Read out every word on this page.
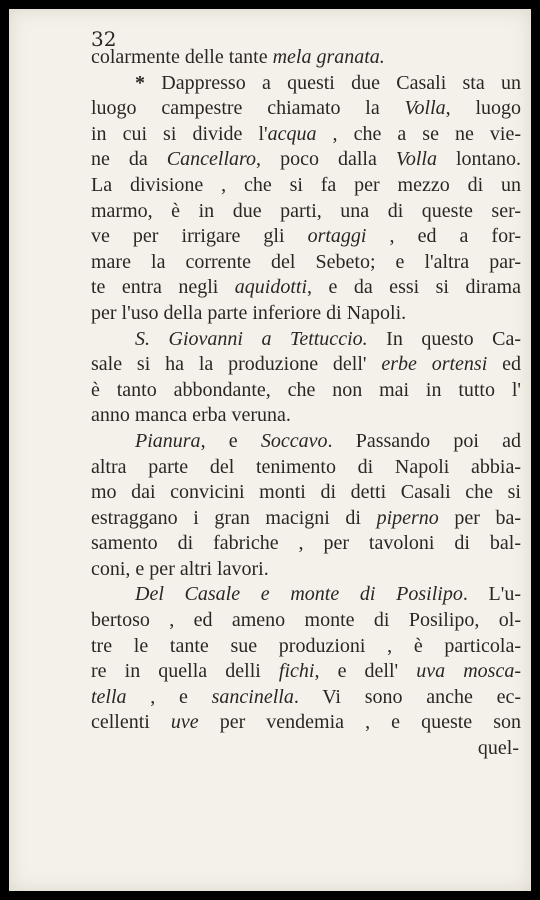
32
colarmente delle tante mela granata.
* Dappresso a questi due Casali sta un
luogo campestre chiamato la Volla, luogo
in cui si divide l'acqua , che a se ne vie-
ne da Cancellaro, poco dalla Volla lontano.
La divisione , che si fa per mezzo di un
marmo, è in due parti, una di queste ser-
ve per irrigare gli ortaggi , ed a for-
mare la corrente del Sebeto; e l'altra par-
te entra negli aquidotti, e da essi si dirama
per l'uso della parte inferiore di Napoli.
S. Giovanni a Tettuccio. In questo Ca-
sale si ha la produzione dell' erbe ortensi ed
è tanto abbondante, che non mai in tutto l'
anno manca erba veruna.
Pianura, e Soccavo. Passando poi ad
altra parte del tenimento di Napoli abbia-
mo dai convicini monti di detti Casali che si
estraggano i gran macigni di piperno per ba-
samento di fabriche , per tavoloni di bal-
coni, e per altri lavori.
Del Casale e monte di Posilipo. L'u-
bertoso , ed ameno monte di Posilipo, ol-
tre le tante sue produzioni , è particola-
re in quella delli fichi, e dell' uva mosca-
tella , e sancinella. Vi sono anche ec-
cellenti uve per vendemia , e queste son
quel-
